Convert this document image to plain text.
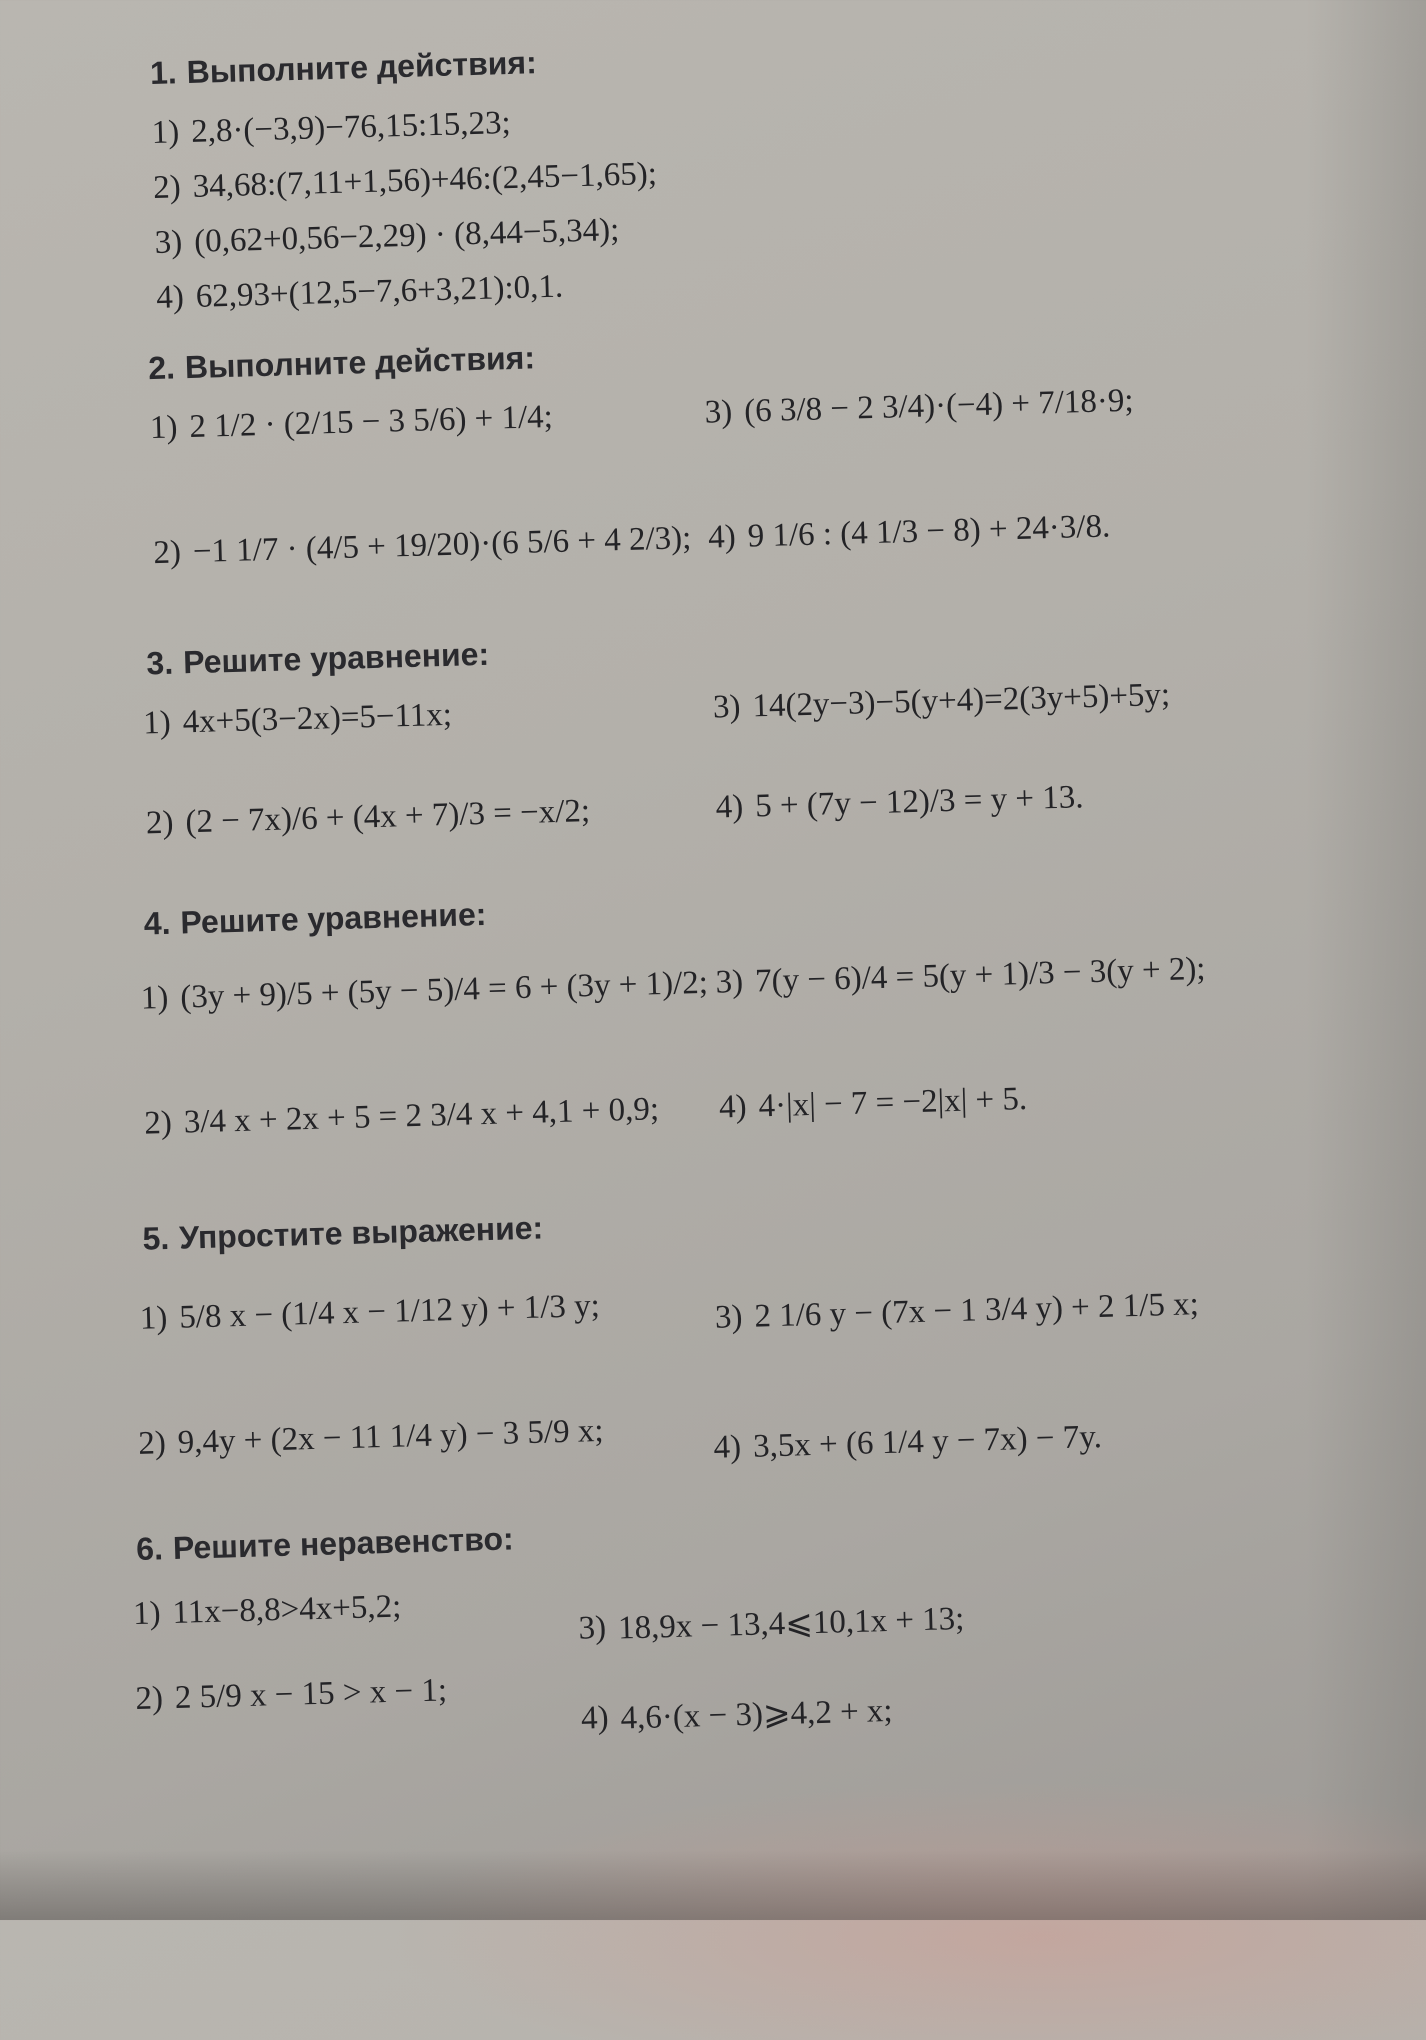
1. Выполните действия:
1) 2,8·(−3,9)−76,15:15,23;
2) 34,68:(7,11+1,56)+46:(2,45−1,65);
3) (0,62+0,56−2,29) · (8,44−5,34);
4) 62,93+(12,5−7,6+3,21):0,1.
2. Выполните действия:
1) 2 1/2 · (2/15 − 3 5/6) + 1/4;
2) −1 1/7 · (4/5 + 19/20)·(6 5/6 + 4 2/3);
3) (6 3/8 − 2 3/4)·(−4) + 7/18·9;
4) 9 1/6 : (4 1/3 − 8) + 24·3/8.
3. Решите уравнение:
1) 4x+5(3−2x)=5−11x;
2) (2 − 7x)/6 + (4x + 7)/3 = −x/2;
3) 14(2y−3)−5(y+4)=2(3y+5)+5y;
4) 5 + (7y − 12)/3 = y + 13.
4. Решите уравнение:
1) (3y + 9)/5 + (5y − 5)/4 = 6 + (3y + 1)/2;
2) 3/4 x + 2x + 5 = 2 3/4 x + 4,1 + 0,9;
3) 7(y − 6)/4 = 5(y + 1)/3 − 3(y + 2);
4) 4·|x| − 7 = −2|x| + 5.
5. Упростите выражение:
1) 5/8 x − (1/4 x − 1/12 y) + 1/3 y;
2) 9,4y + (2x − 11 1/4 y) − 3 5/9 x;
3) 2 1/6 y − (7x − 1 3/4 y) + 2 1/5 x;
4) 3,5x + (6 1/4 y − 7x) − 7y.
6. Решите неравенство:
1) 11x−8,8>4x+5,2;
2) 2 5/9 x − 15 > x − 1;
3) 18,9x − 13,4⩽10,1x + 13;
4) 4,6·(x − 3)⩾4,2 + x;
